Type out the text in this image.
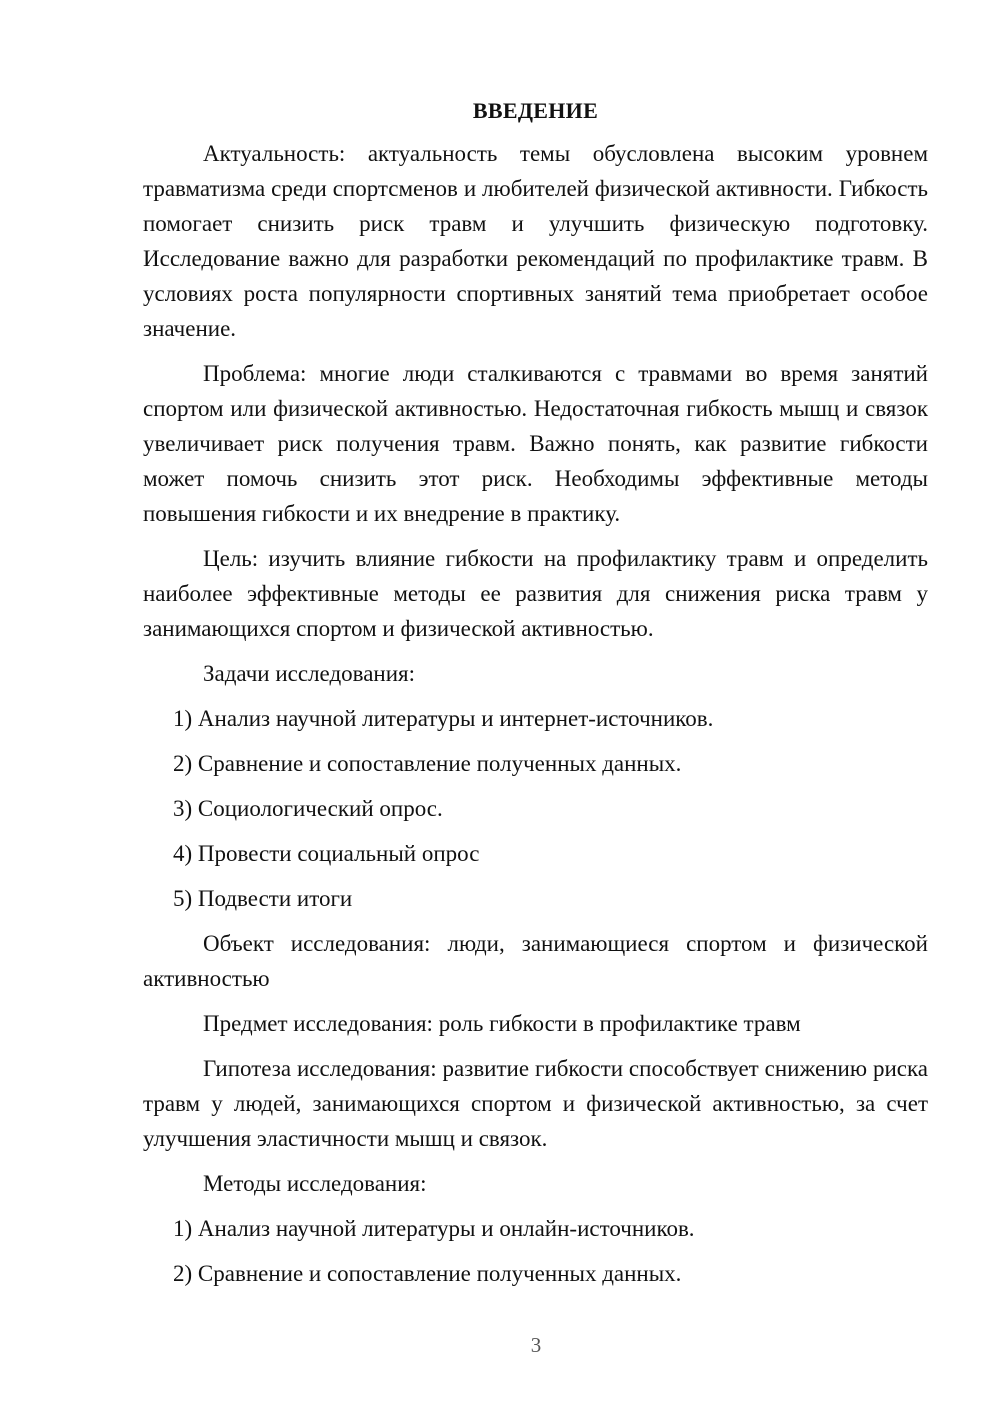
ВВЕДЕНИЕ
Актуальность: актуальность темы обусловлена высоким уровнем травматизма среди спортсменов и любителей физической активности. Гибкость помогает снизить риск травм и улучшить физическую подготовку. Исследование важно для разработки рекомендаций по профилактике травм. В условиях роста популярности спортивных занятий тема приобретает особое значение.
Проблема: многие люди сталкиваются с травмами во время занятий спортом или физической активностью. Недостаточная гибкость мышц и связок увеличивает риск получения травм. Важно понять, как развитие гибкости может помочь снизить этот риск. Необходимы эффективные методы повышения гибкости и их внедрение в практику.
Цель: изучить влияние гибкости на профилактику травм и определить наиболее эффективные методы ее развития для снижения риска травм у занимающихся спортом и физической активностью.
Задачи исследования:
1) Анализ научной литературы и интернет-источников.
2) Сравнение и сопоставление полученных данных.
3) Социологический опрос.
4) Провести социальный опрос
5) Подвести итоги
Объект исследования: люди, занимающиеся спортом и физической активностью
Предмет исследования: роль гибкости в профилактике травм
Гипотеза исследования: развитие гибкости способствует снижению риска травм у людей, занимающихся спортом и физической активностью, за счет улучшения эластичности мышц и связок.
Методы исследования:
1) Анализ научной литературы и онлайн-источников.
2) Сравнение и сопоставление полученных данных.
3
